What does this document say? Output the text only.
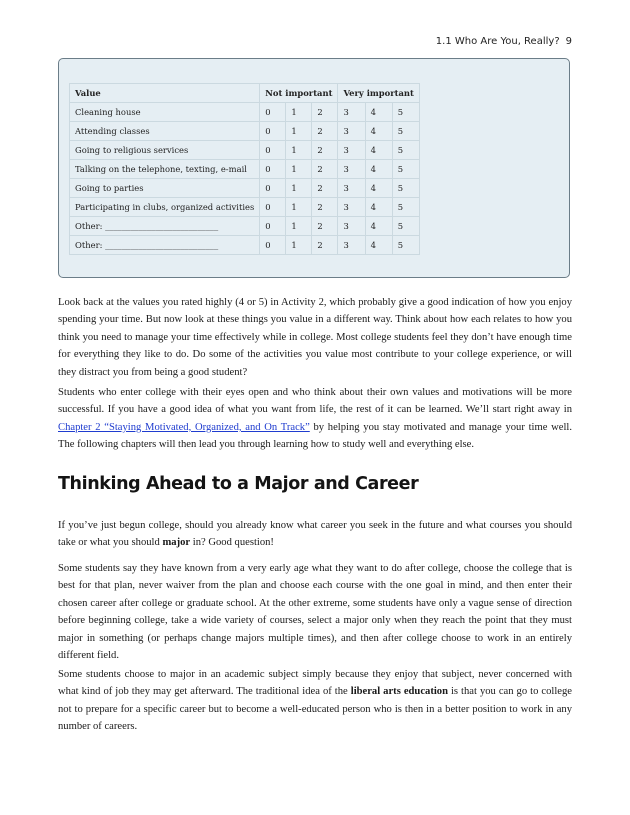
1.1 Who Are You, Really? 9
Value	Not important			Very important		
Cleaning house	0	1	2	3	4	5
Attending classes	0	1	2	3	4	5
Going to religious services	0	1	2	3	4	5
Talking on the telephone, texting, e-mail	0	1	2	3	4	5
Going to parties	0	1	2	3	4	5
Participating in clubs, organized activities	0	1	2	3	4	5
Other: ___________________________	0	1	2	3	4	5
Other: ___________________________	0	1	2	3	4	5

Look back at the values you rated highly (4 or 5) in Activity 2, which probably give a good indication of how you enjoy spending your time. But now look at these things you value in a different way. Think about how each relates to how you think you need to manage your time effectively while in college. Most college students feel they don’t have enough time for everything they like to do. Do some of the activities you value most contribute to your college experience, or will they distract you from being a good student?

Students who enter college with their eyes open and who think about their own values and motivations will be more successful. If you have a good idea of what you want from life, the rest of it can be learned. We’ll start right away in Chapter 2 “Staying Motivated, Organized, and On Track” by helping you stay motivated and manage your time well. The following chapters will then lead you through learning how to study well and everything else.

Thinking Ahead to a Major and Career

If you’ve just begun college, should you already know what career you seek in the future and what courses you should take or what you should major in? Good question!

Some students say they have known from a very early age what they want to do after college, choose the college that is best for that plan, never waiver from the plan and choose each course with the one goal in mind, and then enter their chosen career after college or graduate school. At the other extreme, some students have only a vague sense of direction before beginning college, take a wide variety of courses, select a major only when they reach the point that they must major in something (or perhaps change majors multiple times), and then after college choose to work in an entirely different field.

Some students choose to major in an academic subject simply because they enjoy that subject, never concerned with what kind of job they may get afterward. The traditional idea of the liberal arts education is that you can go to college not to prepare for a specific career but to become a well-educated person who is then in a better position to work in any number of careers.
